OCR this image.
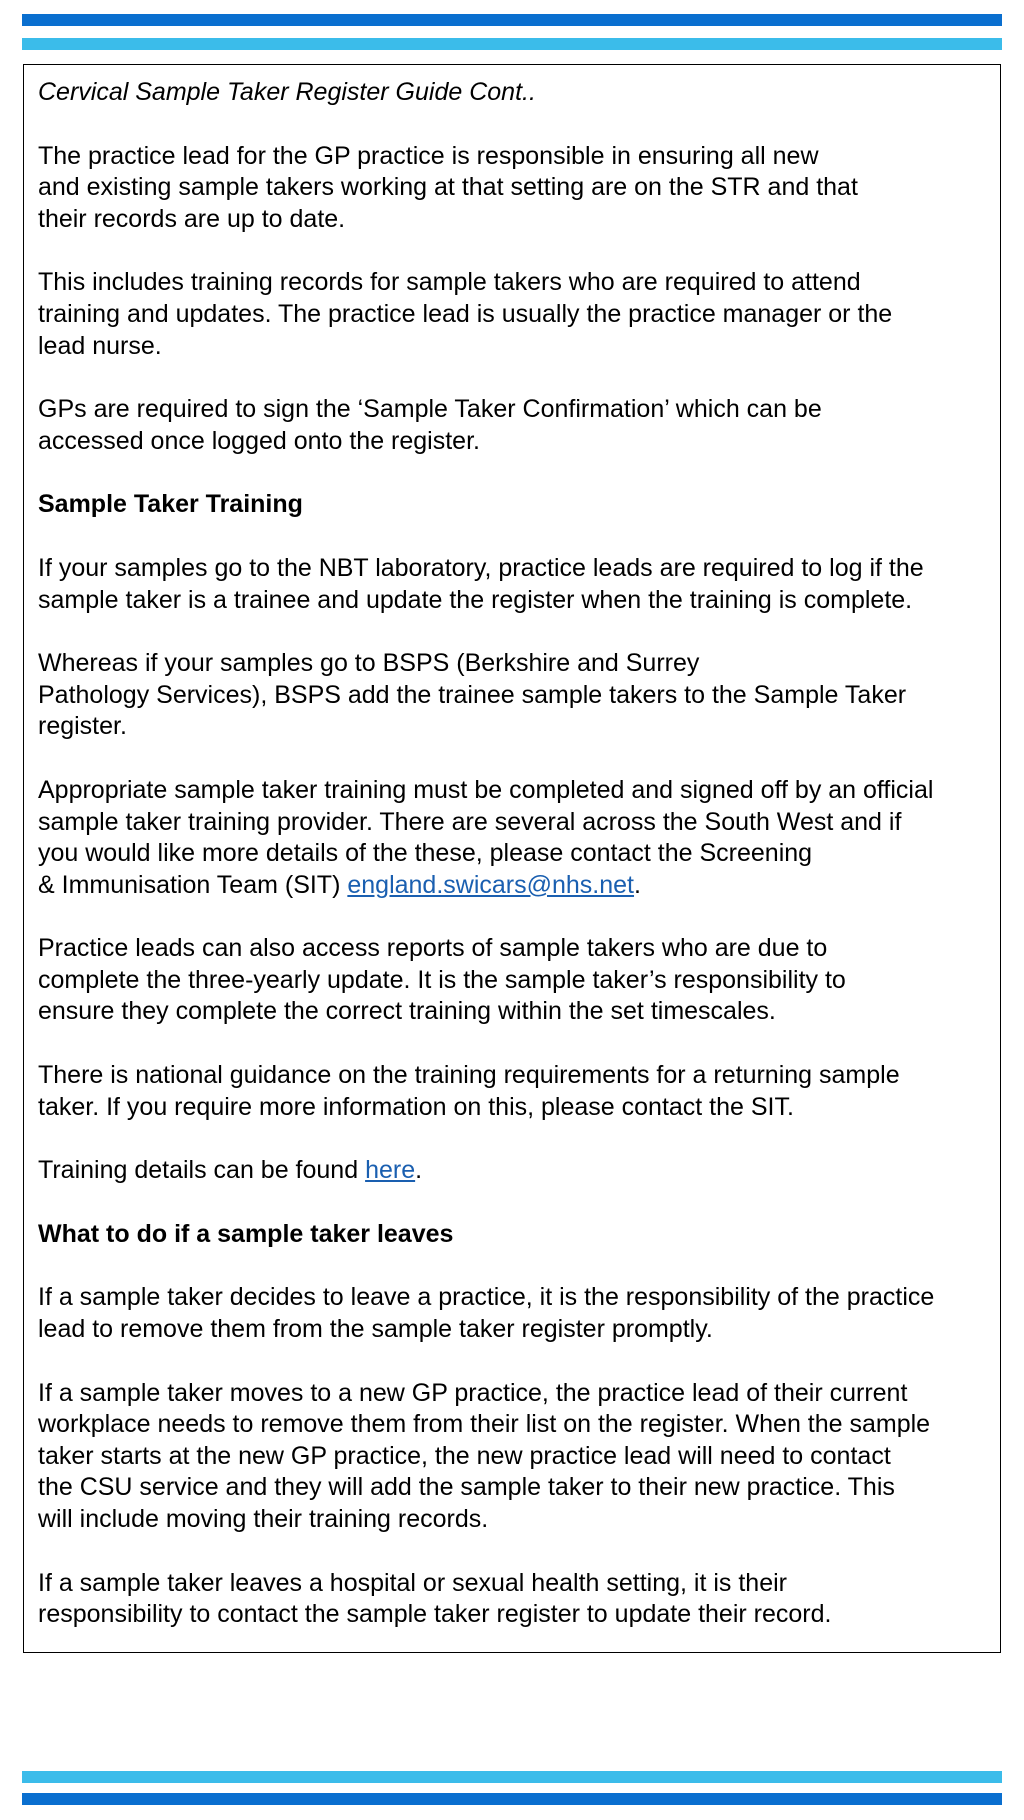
Cervical Sample Taker Register Guide Cont..

The practice lead for the GP practice is responsible in ensuring all new
and existing sample takers working at that setting are on the STR and that
their records are up to date.

This includes training records for sample takers who are required to attend
training and updates. The practice lead is usually the practice manager or the
lead nurse.

GPs are required to sign the ‘Sample Taker Confirmation’ which can be
accessed once logged onto the register.

Sample Taker Training

If your samples go to the NBT laboratory, practice leads are required to log if the
sample taker is a trainee and update the register when the training is complete.

Whereas if your samples go to BSPS (Berkshire and Surrey
Pathology Services), BSPS add the trainee sample takers to the Sample Taker
register.

Appropriate sample taker training must be completed and signed off by an official
sample taker training provider. There are several across the South West and if
you would like more details of the these, please contact the Screening
& Immunisation Team (SIT) england.swicars@nhs.net.

Practice leads can also access reports of sample takers who are due to
complete the three-yearly update. It is the sample taker’s responsibility to
ensure they complete the correct training within the set timescales.

There is national guidance on the training requirements for a returning sample
taker. If you require more information on this, please contact the SIT.

Training details can be found here.

What to do if a sample taker leaves

If a sample taker decides to leave a practice, it is the responsibility of the practice
lead to remove them from the sample taker register promptly.

If a sample taker moves to a new GP practice, the practice lead of their current
workplace needs to remove them from their list on the register. When the sample
taker starts at the new GP practice, the new practice lead will need to contact
the CSU service and they will add the sample taker to their new practice. This
will include moving their training records.

If a sample taker leaves a hospital or sexual health setting, it is their
responsibility to contact the sample taker register to update their record.
